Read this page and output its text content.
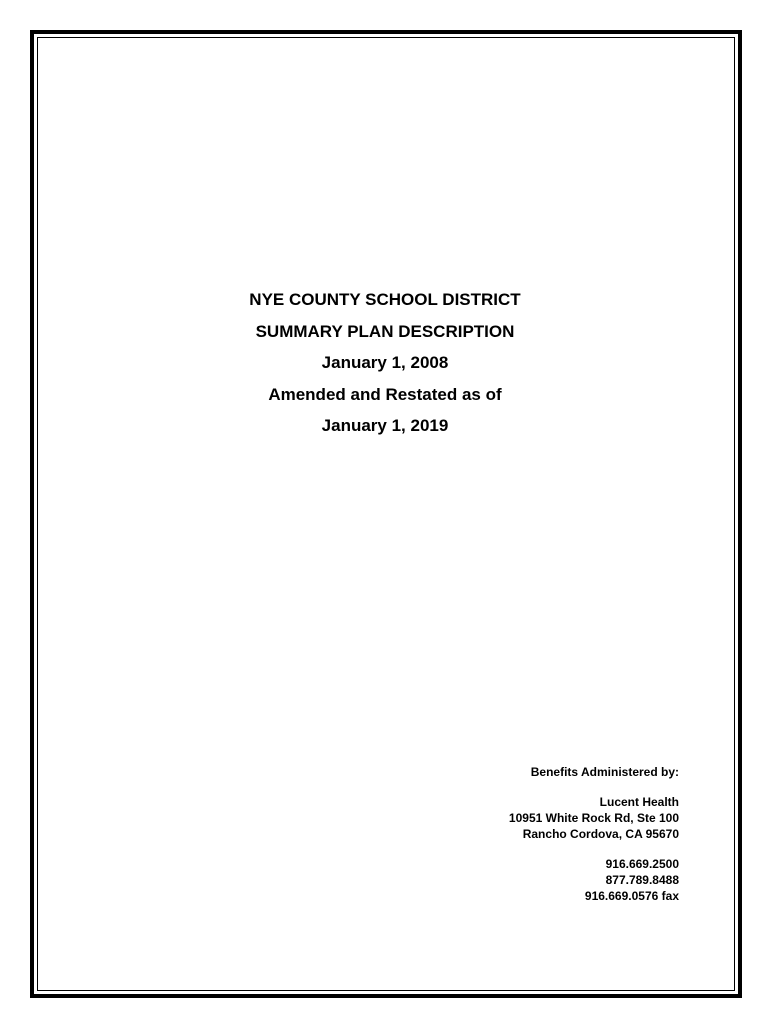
NYE COUNTY SCHOOL DISTRICT
SUMMARY PLAN DESCRIPTION
January 1, 2008
Amended and Restated as of
January 1, 2019
Benefits Administered by:
Lucent Health
10951 White Rock Rd, Ste 100
Rancho Cordova, CA 95670
916.669.2500
877.789.8488
916.669.0576 fax
